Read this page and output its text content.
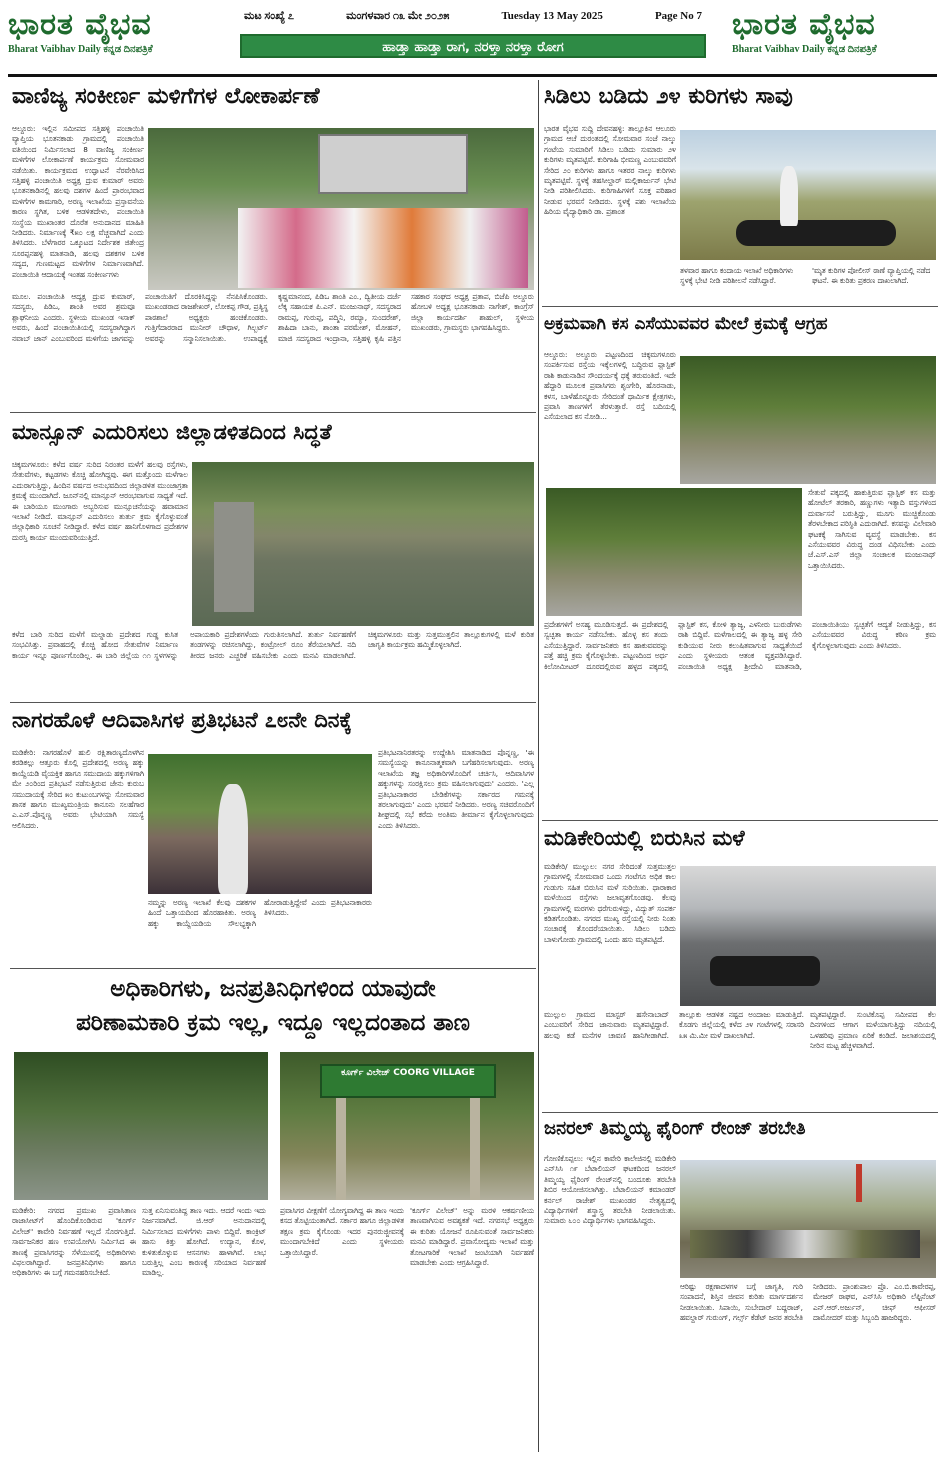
ಭಾರತ ವೈಭವ
Bharat Vaibhav Daily ಕನ್ನಡ ದಿನಪತ್ರಿಕೆ
ಮಟ ಸಂಖ್ಯೆ ೭	ಮಂಗಳವಾರ ೧೩ ಮೇ ೨೦೨೫	Tuesday 13 May 2025	Page No 7
ಹಾಡ್ತಾ ಹಾಡ್ತಾ ರಾಗ, ನರಳ್ತಾ ನರಳ್ತಾ ರೋಗ
ಭಾರತ ವೈಭವ
Bharat Vaibhav Daily ಕನ್ನಡ ದಿನಪತ್ರಿಕೆ
ವಾಣಿಜ್ಯ ಸಂಕೀರ್ಣ ಮಳಿಗೆಗಳ ಲೋಕಾರ್ಪಣೆ
ಆಲ್ದೂರು: ಇಲ್ಲಿನ ಸಮೀಪದ ಸತ್ತಿಹಳ್ಳಿ ಪಂಚಾಯಿತಿ ವ್ಯಾಪ್ತಿಯ ಭೂತನಕಾಡು ಗ್ರಾಮದಲ್ಲಿ ಪಂಚಾಯಿತಿ ವತಿಯಿಂದ ನಿರ್ಮಿಸಲಾದ 8 ವಾಣಿಜ್ಯ ಸಂಕೀರ್ಣ ಮಳಿಗೆಗಳ ಲೋಕಾರ್ಪಣೆ ಕಾರ್ಯಕ್ರಮ ಸೋಮವಾರ ನಡೆಯಿತು. ಕಾರ್ಯಕ್ರಮದ ಉದ್ಘಾಟನೆ ನೆರವೇರಿಸಿದ ಸತ್ತಿಹಳ್ಳಿ ಪಂಚಾಯಿತಿ ಅಧ್ಯಕ್ಷ ದ್ರುವ ಕುಮಾರ್ ಅವರು ಭೂತನಕಾಡಿನಲ್ಲಿ ಹಲವು ದಶಗಳ ಹಿಂದೆ ಪ್ರಾರಂಭವಾದ ಮಳಿಗೆಗಳ ಕಾಮಗಾರಿ, ಅರಣ್ಯ ಇಲಾಖೆಯ ಪ್ರಸ್ತಾವನೆಯ ಕಾರಣ ಸ್ಥಗಿತ, ಬಳಿಕ ಆಡಳಿತದೇಳು, ಪಂಚಾಯಿತಿ ಸಂಸ್ಥೆಯ ಮುಖಾಂತರ ದೊರೆತ ಅನುದಾನದ ಮಾಹಿತಿ ನೀಡಿದರು. ನಿರ್ಮಾಣಕ್ಕೆ ₹೫೦ ಲಕ್ಷ ವೆಚ್ಚವಾಗಿದೆ ಎಂದು ತಿಳಿಸಿದರು. ಬೆಳೆಗಾರರ ಒಕ್ಕೂಟದ ನಿರ್ದೇಶಕ ಜಿತೇಂದ್ರ ಸೂರಪ್ಪನಹಳ್ಳಿ ಮಾತನಾಡಿ, ಹಲವು ದಶಕಗಳ ಬಳಿಕ ಸದ್ಯದ, ಗುಣಮಟ್ಟದ ಮಳಿಗೆಗಳ ನಿರ್ಮಾಣವಾಗಿದೆ. ಪಂಚಾಯಿತಿ ಆದಾಯಕ್ಕೆ ಇಂತಹ ಸಂಕೀರ್ಣಗಳು
ಮೂಲ. ಪಂಚಾಯಿತಿ ಆದ್ಯಕ್ಷ ದ್ರುವ ಕುಮಾರ್, ಸದಸ್ಯರು, ಪಿಡಿಒ, ಶಾಂತಿ ಅವರ ಶ್ರಮವೂ ಶ್ಲಾಘನೀಯ ಎಂದರು. ಸ್ಥಳೀಯ ಮುಖಂಡ ಇಸಾಕ್ ಅವರು, ಹಿಂದೆ ಪಂಚಾಯಿತಿಯಲ್ಲಿ ಸದಸ್ಯರಾಗಿದ್ದಾಗ ನವಾಬ್ ಜಾನ್ ಎಂಬುವರಿಂದ ಮಳಿಗೆಯ ಜಾಗವನ್ನು ಪಂಚಾಯಿತಿಗೆ ದೊರಕಿಸಿದ್ದನ್ನು ನೆನಪಿಸಿಕೊಂಡರು. ಮುಖಂಡರಾದ ರಾಜಶೇಖರ್, ಲೋಕಪ್ಪ ಗೌಡ, ಪ್ರತ್ಯಿಸ್ಥ ಪಾಠಶಾಲೆ ಅಧ್ಯಕ್ಷರು ಹಂಚಿಕೊಂಡರು. ಗುತ್ತಿಗೆದಾರರಾದ ಮುನೀರ್ ಚೌಧಾಳ, ಗಿಲ್ಬರ್ಟ್ ಅವರನ್ನು ಸನ್ಮಾನಿಸಲಾಯಿತು. ಉಪಾಧ್ಯಕ್ಷೆ ಕೃಷ್ಣಮಾನಂದ, ಪಿಡಿಒ ಶಾಂತಿ ಎಂ., ದ್ವಿತೀಯ ದರ್ಜೆ ಲೆಕ್ಕ ಸಹಾಯಕ ಪಿ.ಎನ್. ಮಂಜುನಾಥ್, ಸದಸ್ಯರಾದ ರಾಮಪ್ಪ, ಗುರುಪ್ಪ, ಪದ್ಮಿನಿ, ರಮ್ಯಾ, ಸುಂದರೇಶ್, ಶಾಹಿದಾ ಬಾನು, ಶಾಂತಾ ಪರಮೇಶ್, ಮೋಹನ್, ಮಾಜಿ ಸದಸ್ಯರಾದ ಇಂದ್ರಾನಾ, ಸತ್ತಿಹಳ್ಳಿ ಕೃಷಿ ಪತ್ತಿನ ಸಹಕಾರ ಸಂಘದ ಅಧ್ಯಕ್ಷ ಪ್ರತಾಪ, ಬಿಜೆಪಿ ಅಲ್ದೂರು ಹೋಬಳಿ ಅಧ್ಯಕ್ಷ ಭೂತನಕಾಡು ನಾಗೇಶ್, ಕಾಂಗ್ರೆಸ್ ಜಿಲ್ಲಾ ಕಾರ್ಯದರ್ಶಿ ಶಾಹುಲ್, ಸ್ಥಳೀಯ ಮುಖಂಡರು, ಗ್ರಾಮಸ್ಥರು ಭಾಗವಹಿಸಿದ್ದರು.
ಮಾನ್ಸೂನ್ ಎದುರಿಸಲು ಜಿಲ್ಲಾಡಳಿತದಿಂದ ಸಿದ್ಧತೆ
ಚಿಕ್ಕಮಗಳೂರು: ಕಳೆದ ವರ್ಷ ಸುರಿದ ನಿರಂತರ ಮಳೆಗೆ ಹಲವು ರಸ್ತೆಗಳು, ಸೇತುವೆಗಳು, ಕಟ್ಟಡಗಳು ಕೊಚ್ಚಿ ಹೋಗಿದ್ದವು. ಈಗ ಮತ್ತೊಂದು ಮಳೆಗಾಲ ಎದುರಾಗುತ್ತಿದ್ದು, ಹಿಂದಿನ ವರ್ಷದ ಅನುಭವದಿಂದ ಜಿಲ್ಲಾಡಳಿತ ಮುಂಜಾಗ್ರತಾ ಕ್ರಮಕ್ಕೆ ಮುಂದಾಗಿದೆ. ಜೂನ್‌ನಲ್ಲಿ ಮಾನ್ಸೂನ್ ಆರಂಭವಾಗುವ ಸಾಧ್ಯತೆ ಇದೆ. ಈ ಬಾರಿಯೂ ಮುಂಗಾರು ಅಬ್ಬರಿಸುವ ಮುನ್ಸೂಚನೆಯನ್ನು ಹವಾಮಾನ ಇಲಾಖೆ ನೀಡಿದೆ. ಮಾನ್ಸೂನ್ ಎದುರಿಸಲು ತುರ್ತು ಕ್ರಮ ಕೈಗೊಳ್ಳುವಂತೆ ಜಿಲ್ಲಾಧಿಕಾರಿ ಸೂಚನೆ ನೀಡಿದ್ದಾರೆ. ಕಳೆದ ವರ್ಷ ಹಾನಿಗೊಳಗಾದ ಪ್ರದೇಶಗಳ ದುರಸ್ತಿ ಕಾರ್ಯ ಮುಂದುವರಿಯುತ್ತಿದೆ.
ಕಳೆದ ಬಾರಿ ಸುರಿದ ಮಳೆಗೆ ಮಲ್ನಾಡು ಪ್ರದೇಶದ ಗುಡ್ಡ ಕುಸಿತ ಸಂಭವಿಸಿತ್ತು. ಪ್ರವಾಹದಲ್ಲಿ ಕೊಚ್ಚಿ ಹೋದ ಸೇತುವೆಗಳ ನಿರ್ಮಾಣ ಕಾರ್ಯ ಇನ್ನೂ ಪೂರ್ಣಗೊಂಡಿಲ್ಲ. ಈ ಬಾರಿ ಜಿಲ್ಲೆಯ ೧೧ ಸ್ಥಳಗಳನ್ನು ಅಪಾಯಕಾರಿ ಪ್ರದೇಶಗಳೆಂದು ಗುರುತಿಸಲಾಗಿದೆ. ತುರ್ತು ನಿರ್ವಹಣೆಗೆ ತಂಡಗಳನ್ನು ರಚಿಸಲಾಗಿದ್ದು, ಕಂಟ್ರೋಲ್ ರೂಂ ತೆರೆಯಲಾಗಿದೆ. ನದಿ ತೀರದ ಜನರು ಎಚ್ಚರಿಕೆ ವಹಿಸಬೇಕು ಎಂದು ಮನವಿ ಮಾಡಲಾಗಿದೆ. ಚಿಕ್ಕಮಗಳೂರು ಮತ್ತು ಸುತ್ತಮುತ್ತಲಿನ ತಾಲ್ಲೂಕುಗಳಲ್ಲಿ ಮಳೆ ಕುರಿತ ಜಾಗೃತಿ ಕಾರ್ಯಕ್ರಮ ಹಮ್ಮಿಕೊಳ್ಳಲಾಗಿದೆ.
ನಾಗರಹೊಳೆ ಆದಿವಾಸಿಗಳ ಪ್ರತಿಭಟನೆ ೭೮ನೇ ದಿನಕ್ಕೆ
ಮಡಿಕೇರಿ: ನಾಗರಹೊಳೆ ಹುಲಿ ರಕ್ಷಿತಾರಣ್ಯದೊಳಗಿನ ಕರಡಿಕಲ್ಲು ಆತ್ತೂರು ಕೊಲ್ಲಿ ಪ್ರದೇಶದಲ್ಲಿ ಅರಣ್ಯ ಹಕ್ಕು ಕಾಯ್ದೆಯಡಿ ವೈಯಕ್ತಿಕ ಹಾಗೂ ಸಮುದಾಯ ಹಕ್ಕುಗಳಿಗಾಗಿ ಮೇ ೨೦ರಿಂದ ಪ್ರತಿಭಟನೆ ನಡೆಸುತ್ತಿರುವ ಜೇನು ಕುರುಬ ಸಮುದಾಯಕ್ಕೆ ಸೇರಿದ ೫೦ ಕುಟುಂಬಗಳನ್ನು ಸೋಮವಾರ ಶಾಸಕ ಹಾಗೂ ಮುಖ್ಯಮಂತ್ರಿಯ ಕಾನೂನು ಸಲಹೆಗಾರ ಎ.ಎಸ್.ಪೊನ್ನಣ್ಣ ಅವರು ಭೇಟಿಯಾಗಿ ಸಮಸ್ಯೆ ಆಲಿಸಿದರು.
ನಮ್ಮನ್ನು ಅರಣ್ಯ ಇಲಾಖೆ ಕೆಲವು ದಶಕಗಳ ಹಿಂದೆ ಒತ್ತಾಯದಿಂದ ಹೊರಹಾಕಿತು. ಅರಣ್ಯ ಹಕ್ಕು ಕಾಯ್ದೆಯಡಿಯ ಸೌಲಭ್ಯಕ್ಕಾಗಿ ಹೋರಾಡುತ್ತಿದ್ದೇವೆ ಎಂದು ಪ್ರತಿಭಟನಾಕಾರರು ತಿಳಿಸಿದರು.
ಪ್ರತಿಭಟನಾನಿರತರನ್ನು ಉದ್ದೇಶಿಸಿ ಮಾತನಾಡಿದ ಪೊನ್ನಣ್ಣ, 'ಈ ಸಮಸ್ಯೆಯನ್ನು ಕಾನೂನಾತ್ಮಕವಾಗಿ ಬಗೆಹರಿಸಲಾಗುವುದು. ಅರಣ್ಯ ಇಲಾಖೆಯ ತಜ್ಞ ಅಧಿಕಾರಿಗಳೊಂದಿಗೆ ಚರ್ಚಿಸಿ, ಆದಿವಾಸಿಗಳ ಹಕ್ಕುಗಳನ್ನು ಸಂರಕ್ಷಿಸಲು ಕ್ರಮ ವಹಿಸಲಾಗುವುದು' ಎಂದರು. 'ಎಲ್ಲ ಪ್ರತಿಭಟನಾಕಾರರ ಬೇಡಿಕೆಗಳನ್ನು ಸರ್ಕಾರದ ಗಮನಕ್ಕೆ ತರಲಾಗುವುದು' ಎಂದು ಭರವಸೆ ನೀಡಿದರು. ಅರಣ್ಯ ಸಚಿವರೊಂದಿಗೆ ಶೀಘ್ರದಲ್ಲಿ ಸಭೆ ಕರೆದು ಅಂತಿಮ ತೀರ್ಮಾನ ಕೈಗೊಳ್ಳಲಾಗುವುದು ಎಂದು ತಿಳಿಸಿದರು.
ಅಧಿಕಾರಿಗಳು, ಜನಪ್ರತಿನಿಧಿಗಳಿಂದ ಯಾವುದೇ
ಪರಿಣಾಮಕಾರಿ ಕ್ರಮ ಇಲ್ಲ, ಇದ್ದೂ ಇಲ್ಲದಂತಾದ ತಾಣ
ಕೂರ್ಗ್ ವಿಲೇಜ್ COORG VILLAGE
ಮಡಿಕೇರಿ: ನಗರದ ಪ್ರಮುಖ ಪ್ರವಾಸಿತಾಣ ರಾಜಾಸೀಟ್‌ಗೆ ಹೊಂದಿಕೊಂಡಿರುವ 'ಕೂರ್ಗ್ ವಿಲೇಜ್' ಕಾವೇರಿ ನಿರ್ವಹಣೆ ಇಲ್ಲದೆ ಸೊರಗುತ್ತಿದೆ. ಸಾರ್ವಜನಿಕರ ಹಣ ಉಪಯೋಗಿಸಿ ನಿರ್ಮಿಸಿದ ಈ ತಾಣಕ್ಕೆ ಪ್ರವಾಸಿಗರನ್ನು ಸೆಳೆಯುವಲ್ಲಿ ಅಧಿಕಾರಿಗಳು ವಿಫಲರಾಗಿದ್ದಾರೆ. ಜನಪ್ರತಿನಿಧಿಗಳು ಹಾಗೂ ಅಧಿಕಾರಿಗಳು ಈ ಬಗ್ಗೆ ಗಮನಹರಿಸಬೇಕಿದೆ.
ಸುತ್ತ ಏನಿಸುವಂತಿದ್ದ ತಾಣ ಇದು. ಆದರೆ ಇಂದು ಇದು ನಿರ್ಜನವಾಗಿದೆ. ಜಿ.ಆರ್ ಅನುದಾನದಲ್ಲಿ ನಿರ್ಮಿಸಲಾದ ಮಳಿಗೆಗಳು ಪಾಳು ಬಿದ್ದಿವೆ. ಕಾಂಕ್ರಿಟ್ ಹಾಸು ಕಿತ್ತು ಹೋಗಿದೆ. ಉದ್ಯಾನ, ಕೊಳ, ಕುಳಿತುಕೊಳ್ಳುವ ಆಸನಗಳು ಹಾಳಾಗಿವೆ. ಲಾಭ ಬರುತ್ತಿಲ್ಲ ಎಂಬ ಕಾರಣಕ್ಕೆ ಸರಿಯಾದ ನಿರ್ವಹಣೆ ಮಾಡಿಲ್ಲ.
ಪ್ರವಾಸಿಗರ ವೀಕ್ಷಣೆಗೆ ಯೋಗ್ಯವಾಗಿದ್ದ ಈ ತಾಣ ಇಂದು ಕಸದ ತೊಟ್ಟಿಯಂತಾಗಿದೆ. ಸರ್ಕಾರ ಹಾಗೂ ಜಿಲ್ಲಾಡಳಿತ ತಕ್ಷಣ ಕ್ರಮ ಕೈಗೊಂಡು ಇದರ ಪುನರುಜ್ಜೀವನಕ್ಕೆ ಮುಂದಾಗಬೇಕಿದೆ ಎಂದು ಸ್ಥಳೀಯರು ಒತ್ತಾಯಿಸಿದ್ದಾರೆ.
'ಕೂರ್ಗ್ ವಿಲೇಜ್' ಅನ್ನು ಮರಳಿ ಆಕರ್ಷಣೀಯ ತಾಣವಾಗಿಸುವ ಅವಶ್ಯಕತೆ ಇದೆ. ನಗರಸಭೆ ಅಧ್ಯಕ್ಷರು ಈ ಕುರಿತು ಯೋಜನೆ ರೂಪಿಸುವಂತೆ ಸಾರ್ವಜನಿಕರು ಮನವಿ ಮಾಡಿದ್ದಾರೆ. ಪ್ರವಾಸೋದ್ಯಮ ಇಲಾಖೆ ಮತ್ತು ತೋಟಗಾರಿಕೆ ಇಲಾಖೆ ಜಂಟಿಯಾಗಿ ನಿರ್ವಹಣೆ ಮಾಡಬೇಕು ಎಂದು ಆಗ್ರಹಿಸಿದ್ದಾರೆ.
ಸಿಡಿಲು ಬಡಿದು ೨೪ ಕುರಿಗಳು ಸಾವು
ಭಾರತ ವೈಭವ ಸುದ್ದಿ ದೇವನಹಳ್ಳಿ: ತಾಲ್ಲೂಕಿನ ಆಲೂರು ಗ್ರಾಮದ ಆಚೆ ದುರಂತದಲ್ಲಿ ಸೋಮವಾರ ಸಂಜೆ ನಾಲ್ಕು ಗಂಟೆಯ ಸುಮಾರಿಗೆ ಸಿಡಿಲು ಬಡಿದು ಸುಮಾರು ೨೪ ಕುರಿಗಳು ಮೃತಪಟ್ಟಿವೆ. ಕುರಿಗಾಹಿ ಭೀಮಣ್ಣ ಎಂಬುವವರಿಗೆ ಸೇರಿದ ೨೦ ಕುರಿಗಳು ಹಾಗೂ ಇತರರ ನಾಲ್ಕು ಕುರಿಗಳು ಮೃತಪಟ್ಟಿವೆ. ಸ್ಥಳಕ್ಕೆ ತಹಸೀಲ್ದಾರ್ ಮಲ್ಲಿಕಾರ್ಜುನ್ ಭೇಟಿ ನೀಡಿ ಪರಿಶೀಲಿಸಿದರು. ಕುರಿಗಾಹಿಗಳಿಗೆ ಸೂಕ್ತ ಪರಿಹಾರ ನೀಡುವ ಭರವಸೆ ನೀಡಿದರು. ಸ್ಥಳಕ್ಕೆ ಪಶು ಇಲಾಖೆಯ ಹಿರಿಯ ವೈದ್ಯಾಧಿಕಾರಿ ಡಾ. ಪ್ರಶಾಂತ
ತಳವಾರ ಹಾಗೂ ಕಂದಾಯ ಇಲಾಖೆ ಅಧಿಕಾರಿಗಳು ಸ್ಥಳಕ್ಕೆ ಭೇಟಿ ನೀಡಿ ಪರಿಶೀಲನೆ ನಡೆಸಿದ್ದಾರೆ.
'ಮೃತ ಕುರಿಗಳ ಪೋಲೀಸ್ ಠಾಣೆ ವ್ಯಾಪ್ತಿಯಲ್ಲಿ ನಡೆದ ಘಟನೆ. ಈ ಕುರಿತು ಪ್ರಕರಣ ದಾಖಲಾಗಿದೆ.
ಅಕ್ರಮವಾಗಿ ಕಸ ಎಸೆಯುವವರ ಮೇಲೆ ಕ್ರಮಕ್ಕೆ ಆಗ್ರಹ
ಆಲ್ದೂರು: ಅಲ್ದೂರು ಪಟ್ಟಣದಿಂದ ಚಿಕ್ಕಮಗಳೂರು ಸಂಪರ್ಕಿಸುವ ರಸ್ತೆಯ ಇಕ್ಕೆಲಗಳಲ್ಲಿ ಬದ್ಧಿರುವ ಪ್ಲಾಸ್ಟಿಕ್ ರಾಶಿ ಕಾಡುನಾಡಿನ ಸೌಂದರ್ಯಕ್ಕೆ ಧಕ್ಕೆ ತರುವಂತಿದೆ. ಇದೇ ಹೆದ್ದಾರಿ ಮೂಲಕ ಪ್ರವಾಸಿಗರು ಶೃಂಗೇರಿ, ಹೊರನಾಡು, ಕಳಸ, ಬಾಳೆಹೊನ್ನೂರು ಸೇರಿದಂತೆ ಧಾರ್ಮಿಕ ಕ್ಷೇತ್ರಗಳು, ಪ್ರವಾಸಿ ತಾಣಗಳಿಗೆ ತೆರಳುತ್ತಾರೆ. ರಸ್ತೆ ಬದಿಯಲ್ಲಿ ಎಸೆಯಲಾದ ಕಸ ನೋಡಿ...
ಸೇತುವೆ ಪಕ್ಕದಲ್ಲಿ ಹಾಕುತ್ತಿರುವ ಪ್ಲಾಸ್ಟಿಕ್ ಕಸ ಮತ್ತು ಹೋಟೆಲ್ ತರಕಾರಿ, ಹಣ್ಣುಗಳು ಇತ್ಯಾದಿ ವಸ್ತುಗಳಿಂದ ದುರ್ವಾಸನೆ ಬರುತ್ತಿದ್ದು, ಮೂಗು ಮುಚ್ಚಿಕೊಂಡು ತೆರಳಬೇಕಾದ ಪರಿಸ್ಥಿತಿ ಎದುರಾಗಿದೆ. ಕಸವನ್ನು ವಿಲೇವಾರಿ ಘಟಕಕ್ಕೆ ಸಾಗಿಸುವ ವ್ಯವಸ್ಥೆ ಮಾಡಬೇಕು. ಕಸ ಎಸೆಯುವವರ ವಿರುದ್ಧ ದಂಡ ವಿಧಿಸಬೇಕು ಎಂದು ಜೆ.ಎಸ್.ಎಸ್ ಜಿಲ್ಲಾ ಸಂಚಾಲಕ ಮಂಜುನಾಥ್ ಒತ್ತಾಯಿಸಿದರು.
ಪ್ರದೇಶಗಳಿಗೆ ಅಸಹ್ಯ ಮೂಡಿಸುತ್ತದೆ. ಈ ಪ್ರದೇಶದಲ್ಲಿ ಸ್ವಚ್ಛತಾ ಕಾರ್ಯ ನಡೆಸಬೇಕು. ಹೊಳ್ಳ ಕಸ ತಂದು ಎಸೆಯುತ್ತಿದ್ದಾರೆ. ಸಾರ್ವಜನಿಕರು ಕಸ ಹಾಕುವವರನ್ನು ಪತ್ತೆ ಹಚ್ಚಿ ಕ್ರಮ ಕೈಗೊಳ್ಳಬೇಕು. ಪಟ್ಟಣದಿಂದ ಅರ್ಧ ಕಿಲೋಮೀಟರ್ ದೂರದಲ್ಲಿರುವ ಹಳ್ಳದ ಪಕ್ಕದಲ್ಲಿ ಪ್ಲಾಸ್ಟಿಕ್ ಕಸ, ಕೋಳಿ ತ್ಯಾಜ್ಯ, ಎಳನೀರು ಬುರುಡೆಗಳು ರಾಶಿ ಬಿದ್ದಿವೆ. ಮಳೆಗಾಲದಲ್ಲಿ ಈ ತ್ಯಾಜ್ಯ ಹಳ್ಳ ಸೇರಿ ಕುಡಿಯುವ ನೀರು ಕಲುಷಿತವಾಗುವ ಸಾಧ್ಯತೆಯಿದೆ ಎಂದು ಸ್ಥಳೀಯರು ಆತಂಕ ವ್ಯಕ್ತಪಡಿಸಿದ್ದಾರೆ. ಪಂಚಾಯಿತಿ ಅಧ್ಯಕ್ಷ ಶ್ರೀದೇವಿ ಮಾತನಾಡಿ, ಪಂಚಾಯಿತಿಯು ಸ್ವಚ್ಛತೆಗೆ ಆದ್ಯತೆ ನೀಡುತ್ತಿದ್ದು, ಕಸ ಎಸೆಯುವವರ ವಿರುದ್ಧ ಕಠಿಣ ಕ್ರಮ ಕೈಗೊಳ್ಳಲಾಗುವುದು ಎಂದು ತಿಳಿಸಿದರು.
ಮಡಿಕೇರಿಯಲ್ಲಿ ಬಿರುಸಿನ ಮಳೆ
ಮಡಿಕೇರಿ/ ಮುಲ್ಲುಲ: ನಗರ ಸೇರಿದಂತೆ ಸುತ್ತಮುತ್ತಲ ಗ್ರಾಮಗಳಲ್ಲಿ ಸೋಮವಾರ ಒಂದು ಗಂಟೆಗೂ ಅಧಿಕ ಕಾಲ ಗುಡುಗು ಸಹಿತ ಬಿರುಸಿನ ಮಳೆ ಸುರಿಯಿತು. ಧಾರಾಕಾರ ಮಳೆಯಿಂದ ರಸ್ತೆಗಳು ಜಲಾವೃತಗೊಂಡವು. ಕೆಲವು ಗ್ರಾಮಗಳಲ್ಲಿ ಮರಗಳು ಧರೆಗುರುಳಿದ್ದು, ವಿದ್ಯುತ್ ಸಂಪರ್ಕ ಕಡಿತಗೊಂಡಿತು. ನಗರದ ಮುಖ್ಯ ರಸ್ತೆಯಲ್ಲಿ ನೀರು ನಿಂತು ಸಂಚಾರಕ್ಕೆ ತೊಂದರೆಯಾಯಿತು. ಸಿಡಿಲು ಬಡಿದು ಬಾಳುಗೋಡು ಗ್ರಾಮದಲ್ಲಿ ಒಂದು ಹಸು ಮೃತಪಟ್ಟಿದೆ.
ಮುಲ್ಲುಲ ಗ್ರಾಮದ ಮಾಸ್ಟರ್ ಹಸೇನಾಬಾದ್ ಎಂಬುವರಿಗೆ ಸೇರಿದ ಜಾನುವಾರು ಮೃತಪಟ್ಟಿದ್ದಾರೆ. ಹಲವು ಕಡೆ ಮನೆಗಳ ಚಾವಣಿ ಹಾನಿಗೀಡಾಗಿದೆ. ತಾಲ್ಲೂಕು ಆಡಳಿತ ನಷ್ಟದ ಅಂದಾಜು ಮಾಡುತ್ತಿದೆ. ಕೊಡಗು ಜಿಲ್ಲೆಯಲ್ಲಿ ಕಳೆದ ೨೪ ಗಂಟೆಗಳಲ್ಲಿ ಸರಾಸರಿ ೩೫ ಮಿ.ಮೀ ಮಳೆ ದಾಖಲಾಗಿದೆ.
ಮೃತಪಟ್ಟಿದ್ದಾರೆ. ಸುಂಟಿಕೊಪ್ಪ ಸಮೀಪದ ಕೆಲ ದಿನಗಳಿಂದ ಆಗಾಗ ಮಳೆಯಾಗುತ್ತಿದ್ದು ನದಿಯಲ್ಲಿ ಒಳಹರಿವು ಪ್ರಮಾಣ ಏರಿಕೆ ಕಂಡಿದೆ. ಜಲಾಶಯದಲ್ಲಿ ನೀರಿನ ಮಟ್ಟ ಹೆಚ್ಚಳವಾಗಿದೆ.
ಜನರಲ್ ತಿಮ್ಮಯ್ಯ ಫೈರಿಂಗ್ ರೇಂಜ್ ತರಬೇತಿ
ಗೋಣಿಕೊಪ್ಪಲು: ಇಲ್ಲಿನ ಕಾವೇರಿ ಕಾಲೇಜಿನಲ್ಲಿ ಮಡಿಕೇರಿ ಎನ್‌ಸಿಸಿ ೧೯ ಬೆಟಾಲಿಯನ್ ಘಟಕದಿಂದ ಜನರಲ್ ತಿಮ್ಮಯ್ಯ ಫೈರಿಂಗ್ ರೇಂಜ್‌ನಲ್ಲಿ ಬಂದೂಕು ತರಬೇತಿ ಶಿಬಿರ ಆಯೋಜಿಸಲಾಗಿತ್ತು. ಬೆಟಾಲಿಯನ್ ಕಮಾಂಡರ್ ಕರ್ನಲ್ ರಾಜೇಶ್ ಮುಖಂಡರ ನೇತೃತ್ವದಲ್ಲಿ ವಿದ್ಯಾರ್ಥಿಗಳಿಗೆ ಶಸ್ತ್ರಾಸ್ತ್ರ ತರಬೇತಿ ನೀಡಲಾಯಿತು. ಸುಮಾರು ೬೦೦ ವಿದ್ಯಾರ್ಥಿಗಳು ಭಾಗವಹಿಸಿದ್ದರು.
ಆರಿಷ್ಟು ರಕ್ಷಣಾದಳಗಳ ಬಗ್ಗೆ ಜಾಗೃತಿ, ಗುರಿ ಸಂಪಾದನೆ, ಶಿಸ್ತಿನ ಜೀವನ ಕುರಿತು ಮಾರ್ಗದರ್ಶನ ನೀಡಲಾಯಿತು. ಸಿಪಾಯಿ, ಸುಬೇದಾರ್ ಬದ್ದರಾಜ್, ಹವಲ್ದಾರ್ ಗುರುಂಗ್, ಗರ್ಲ್ಸ್ ಕೆಡೆಟ್ ಜನರ ತರಬೇತಿ ನೀಡಿದರು. ಪ್ರಾಂಶುಪಾಲ ಪ್ರೊ. ಎಂ.ಬಿ.ಕಾವೇರಪ್ಪ, ಮೇಜರ್ ರಾಘವ, ಎನ್‌ಸಿಸಿ ಅಧಿಕಾರಿ ಲೆಫ್ಟಿನೆಂಟ್ ಎನ್.ಆರ್.ಅರ್ಜುನ್, ಚೀಫ್ ಆಫೀಸರ್ ದಾಮೋದರ್ ಮತ್ತು ಸಿಬ್ಬಂದಿ ಹಾಜರಿದ್ದರು.
